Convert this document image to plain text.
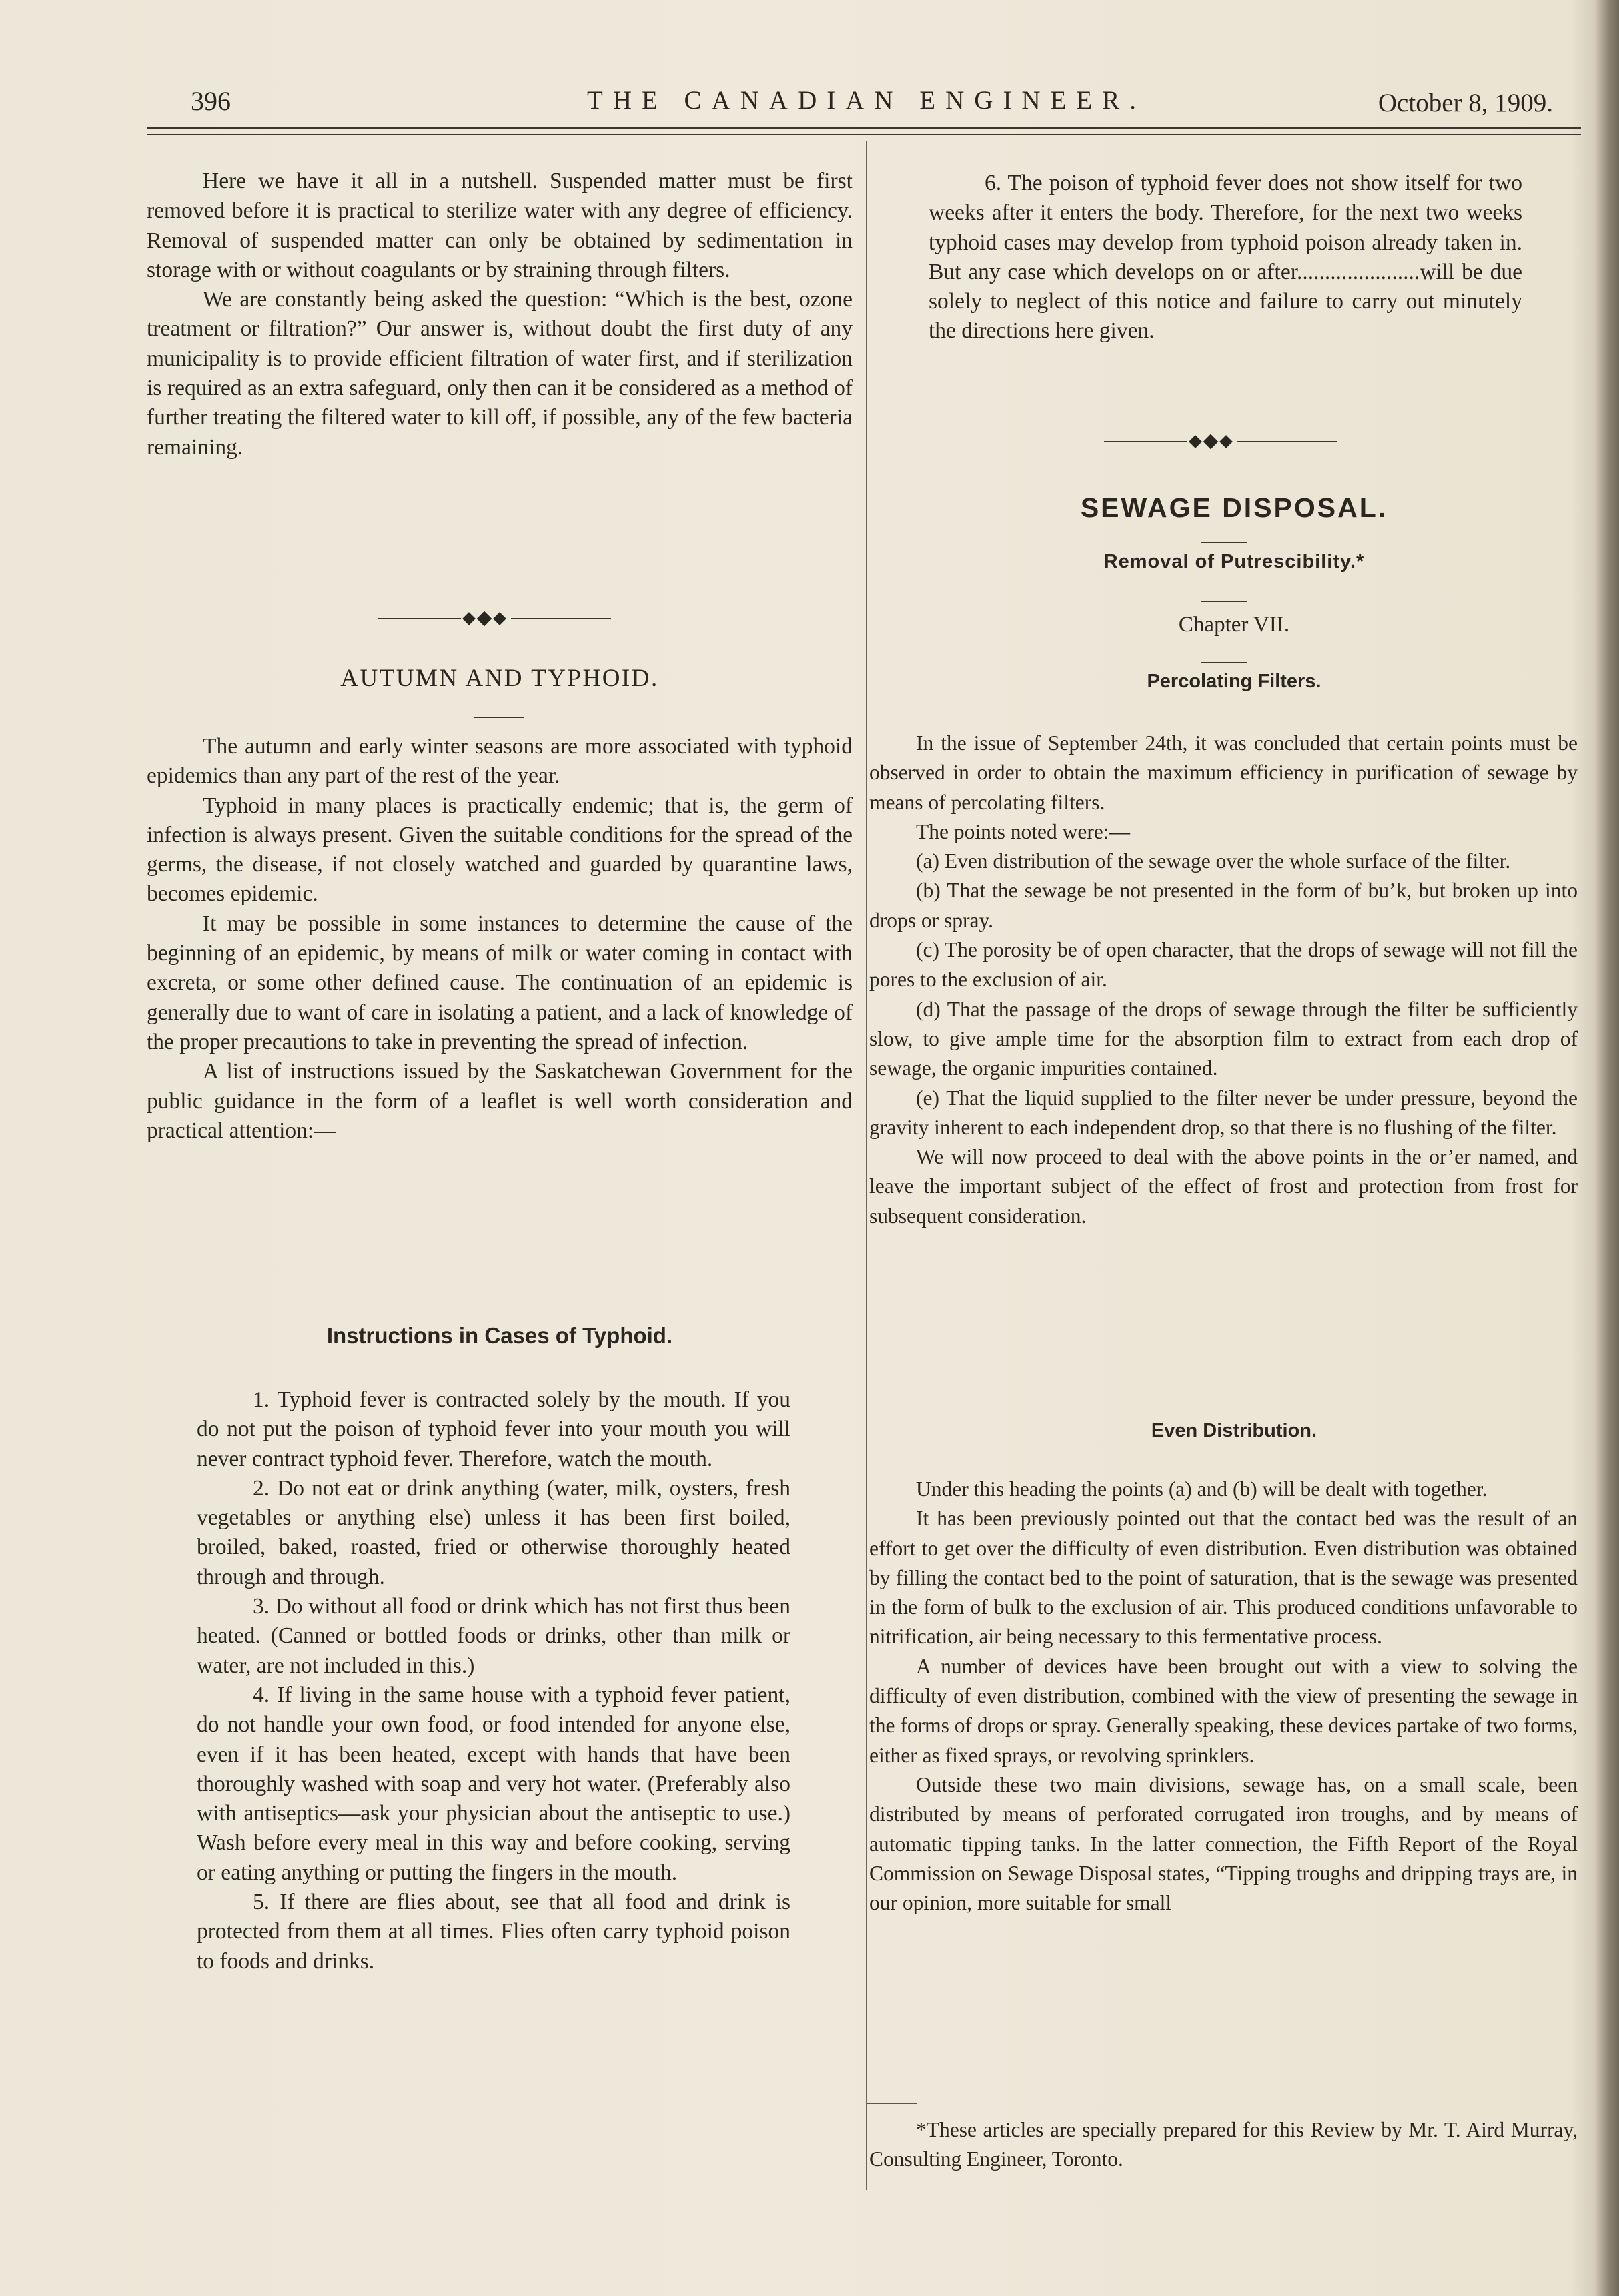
396	THE CANADIAN ENGINEER.	October 8, 1909.

Here we have it all in a nutshell. Suspended matter must be first removed before it is practical to sterilize water with any degree of efficiency. Removal of suspended matter can only be obtained by sedimentation in storage with or without coagulants or by straining through filters.

We are constantly being asked the question: “Which is the best, ozone treatment or filtration?” Our answer is, without doubt the first duty of any municipality is to provide efficient filtration of water first, and if sterilization is required as an extra safeguard, only then can it be considered as a method of further treating the filtered water to kill off, if possible, any of the few bacteria remaining.

AUTUMN AND TYPHOID.

The autumn and early winter seasons are more associated with typhoid epidemics than any part of the rest of the year.

Typhoid in many places is practically endemic; that is, the germ of infection is always present. Given the suitable conditions for the spread of the germs, the disease, if not closely watched and guarded by quarantine laws, becomes epidemic.

It may be possible in some instances to determine the cause of the beginning of an epidemic, by means of milk or water coming in contact with excreta, or some other defined cause. The continuation of an epidemic is generally due to want of care in isolating a patient, and a lack of knowledge of the proper precautions to take in preventing the spread of infection.

A list of instructions issued by the Saskatchewan Government for the public guidance in the form of a leaflet is well worth consideration and practical attention:—

Instructions in Cases of Typhoid.

1. Typhoid fever is contracted solely by the mouth. If you do not put the poison of typhoid fever into your mouth you will never contract typhoid fever. Therefore, watch the mouth.

2. Do not eat or drink anything (water, milk, oysters, fresh vegetables or anything else) unless it has been first boiled, broiled, baked, roasted, fried or otherwise thoroughly heated through and through.

3. Do without all food or drink which has not first thus been heated. (Canned or bottled foods or drinks, other than milk or water, are not included in this.)

4. If living in the same house with a typhoid fever patient, do not handle your own food, or food intended for anyone else, even if it has been heated, except with hands that have been thoroughly washed with soap and very hot water. (Preferably also with antiseptics—ask your physician about the antiseptic to use.) Wash before every meal in this way and before cooking, serving or eating anything or putting the fingers in the mouth.

5. If there are flies about, see that all food and drink is protected from them at all times. Flies often carry typhoid poison to foods and drinks.

6. The poison of typhoid fever does not show itself for two weeks after it enters the body. Therefore, for the next two weeks typhoid cases may develop from typhoid poison already taken in. But any case which develops on or after......................will be due solely to neglect of this notice and failure to carry out minutely the directions here given.

SEWAGE DISPOSAL.
Removal of Putrescibility.*
Chapter VII.
Percolating Filters.

In the issue of September 24th, it was concluded that certain points must be observed in order to obtain the maximum efficiency in purification of sewage by means of percolating filters.

The points noted were:—

(a) Even distribution of the sewage over the whole surface of the filter.

(b) That the sewage be not presented in the form of bu’k, but broken up into drops or spray.

(c) The porosity be of open character, that the drops of sewage will not fill the pores to the exclusion of air.

(d) That the passage of the drops of sewage through the filter be sufficiently slow, to give ample time for the absorption film to extract from each drop of sewage, the organic impurities contained.

(e) That the liquid supplied to the filter never be under pressure, beyond the gravity inherent to each independent drop, so that there is no flushing of the filter.

We will now proceed to deal with the above points in the or’er named, and leave the important subject of the effect of frost and protection from frost for subsequent consideration.

Even Distribution.

Under this heading the points (a) and (b) will be dealt with together.

It has been previously pointed out that the contact bed was the result of an effort to get over the difficulty of even distribution. Even distribution was obtained by filling the contact bed to the point of saturation, that is the sewage was presented in the form of bulk to the exclusion of air. This produced conditions unfavorable to nitrification, air being necessary to this fermentative process.

A number of devices have been brought out with a view to solving the difficulty of even distribution, combined with the view of presenting the sewage in the forms of drops or spray. Generally speaking, these devices partake of two forms, either as fixed sprays, or revolving sprinklers.

Outside these two main divisions, sewage has, on a small scale, been distributed by means of perforated corrugated iron troughs, and by means of automatic tipping tanks. In the latter connection, the Fifth Report of the Royal Commission on Sewage Disposal states, “Tipping troughs and dripping trays are, in our opinion, more suitable for small

*These articles are specially prepared for this Review by Mr. T. Aird Murray, Consulting Engineer, Toronto.
